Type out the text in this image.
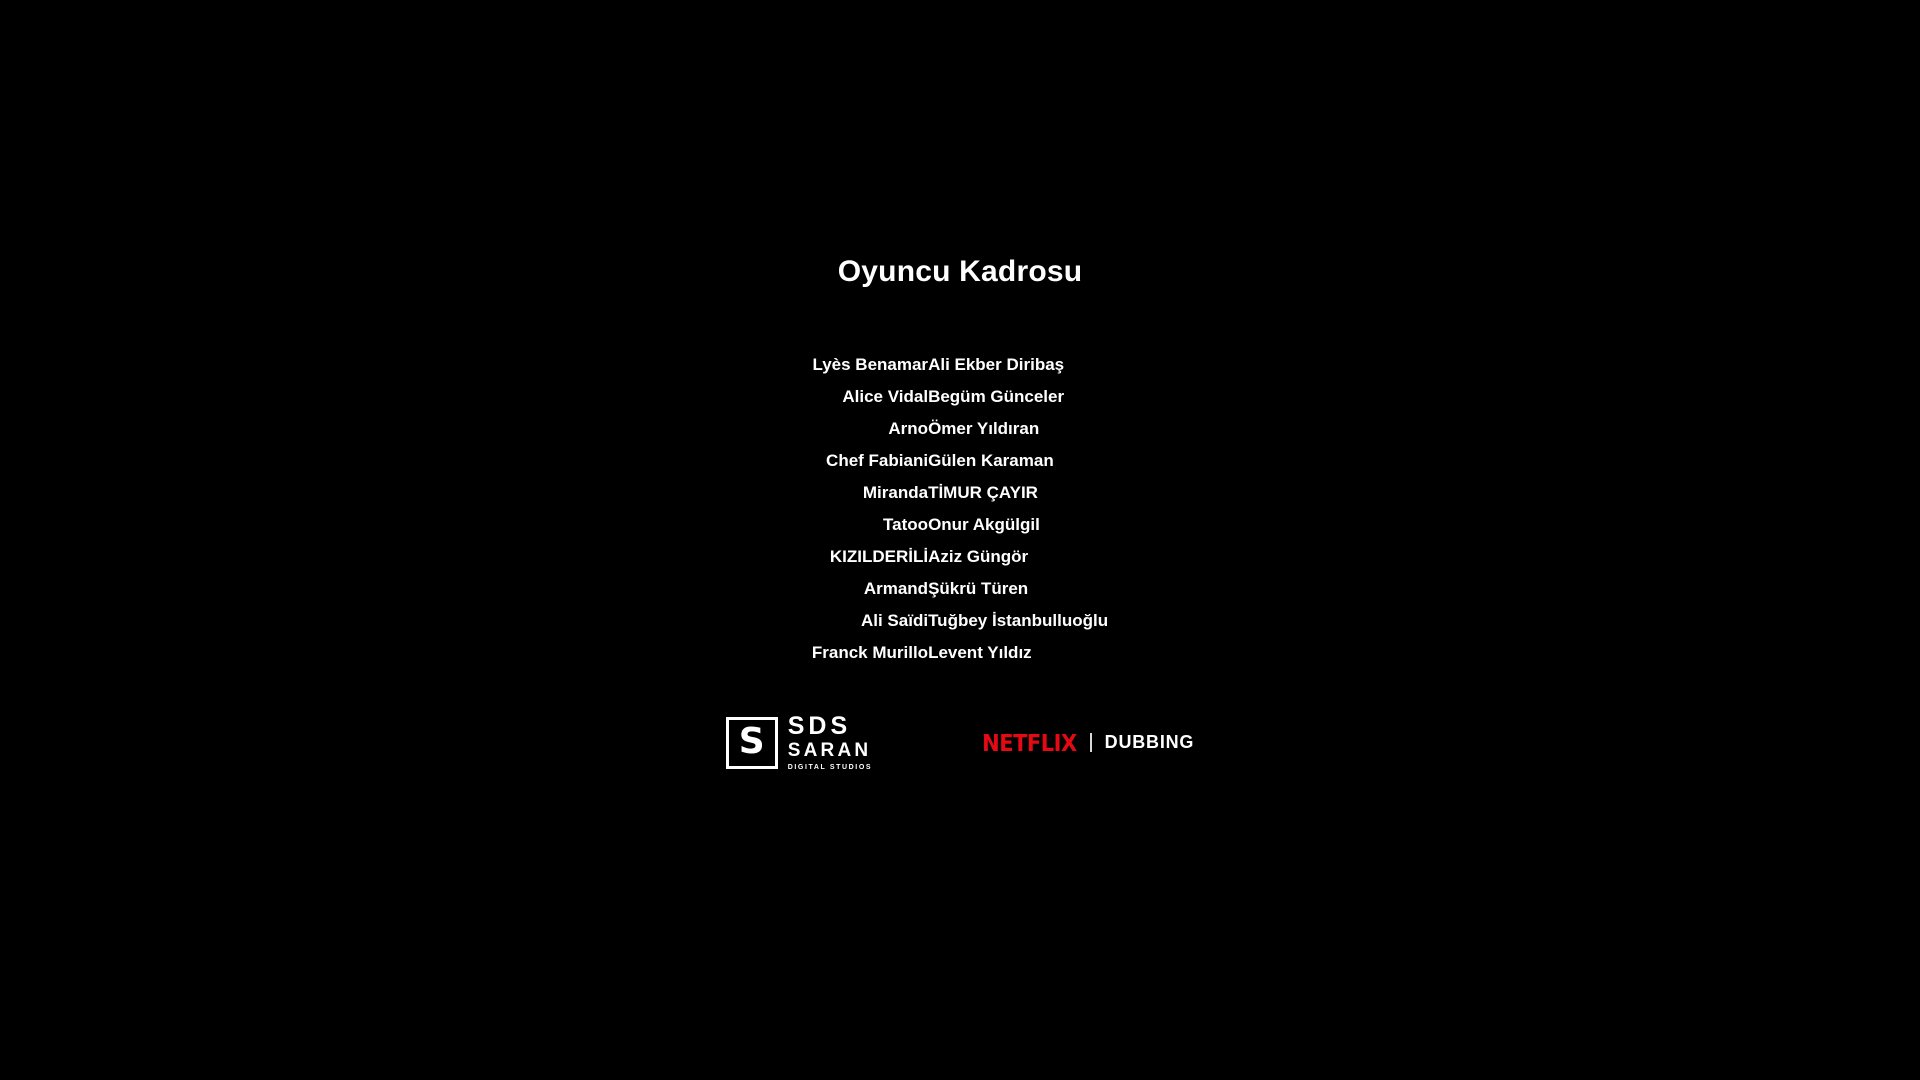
Oyuncu Kadrosu
Lyès Benamar	Ali Ekber Diribaş
Alice Vidal	Begüm Günceler
Arno	Ömer Yıldıran
Chef Fabiani	Gülen Karaman
Miranda	TİMUR ÇAYIR
Tatoo	Onur Akgülgil
KIZILDERİLİ	Aziz Güngör
Armand	Şükrü Türen
Ali Saïdi	Tuğbey İstanbulluoğlu
Franck Murillo	Levent Yıldız
S SDS
SARAN
DIGITAL STUDIOS
NETFLIX DUBBING
